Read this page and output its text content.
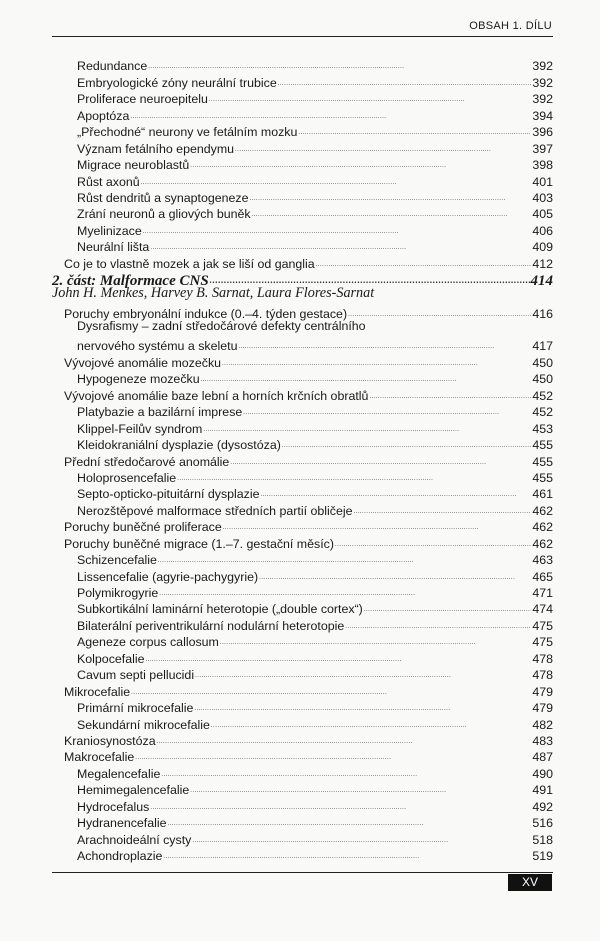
OBSAH 1. DÍLU
Redundance . . .	392
Embryologické zóny neurální trubice . . .	392
Proliferace neuroepitelu . . .	392
Apoptóza . . .	394
„Přechodné“ neurony ve fetálním mozku . . .	396
Význam fetálního ependymu . . .	397
Migrace neuroblastů . . .	398
Růst axonů . . .	401
Růst dendritů a synaptogeneze . . .	403
Zrání neuronů a gliových buněk . . .	405
Myelinizace . . .	406
Neurální lišta . . .	409
Co je to vlastně mozek a jak se liší od ganglia . . .	412
2. část: Malformace CNS . . .	414
John H. Menkes, Harvey B. Sarnat, Laura Flores-Sarnat
Poruchy embryonální indukce (0.–4. týden gestace) . . .	416
Dysrafismy – zadní středočárové defekty centrálního
nervového systému a skeletu . . .	417
Vývojové anomálie mozečku . . .	450
Hypogeneze mozečku . . .	450
Vývojové anomálie baze lební a horních krčních obratlů . . .	452
Platybazie a bazilární imprese . . .	452
Klippel-Feilův syndrom . . .	453
Kleidokraniální dysplazie (dysostóza) . . .	455
Přední středočarové anomálie . . .	455
Holoprosencefalie . . .	455
Septo-opticko-pituitární dysplazie . . .	461
Nerozštěpové malformace středních partií obličeje . . .	462
Poruchy buněčné proliferace . . .	462
Poruchy buněčné migrace (1.–7. gestační měsíc) . . .	462
Schizencefalie . . .	463
Lissencefalie (agyrie-pachygyrie) . . .	465
Polymikrogyrie . . .	471
Subkortikální laminární heterotopie („double cortex“) . . .	474
Bilaterální periventrikulární nodulární heterotopie . . .	475
Ageneze corpus callosum . . .	475
Kolpocefalie . . .	478
Cavum septi pellucidi . . .	478
Mikrocefalie . . .	479
Primární mikrocefalie . . .	479
Sekundární mikrocefalie . . .	482
Kraniosynostóza . . .	483
Makrocefalie . . .	487
Megalencefalie . . .	490
Hemimegalencefalie . . .	491
Hydrocefalus . . .	492
Hydranencefalie . . .	516
Arachnoideální cysty . . .	518
Achondroplazie . . .	519
XV
